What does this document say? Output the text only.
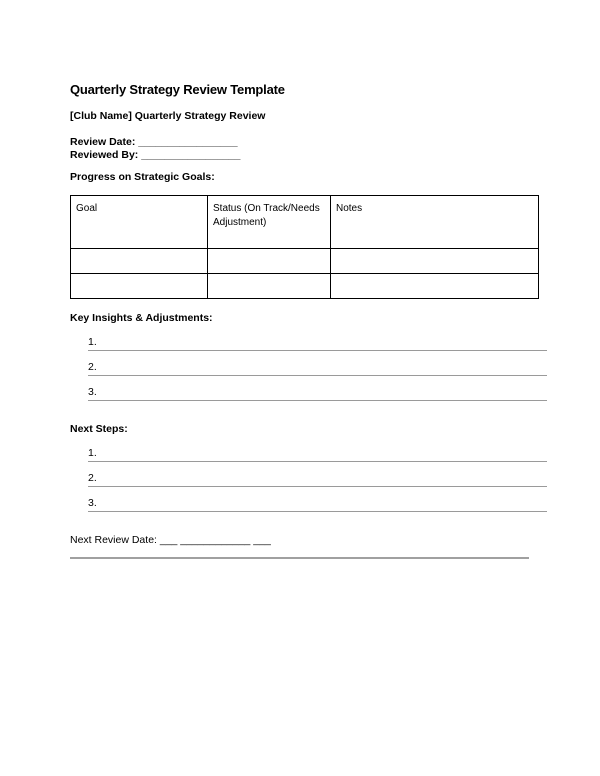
Quarterly Strategy Review Template
[Club Name] Quarterly Strategy Review
Review Date: _________________
Reviewed By: _________________
Progress on Strategic Goals:
Goal	Status (On Track/Needs Adjustment)	Notes

Key Insights & Adjustments:
1.
2.
3.
Next Steps:
1.
2.
3.
Next Review Date: ___ ____________ ___
